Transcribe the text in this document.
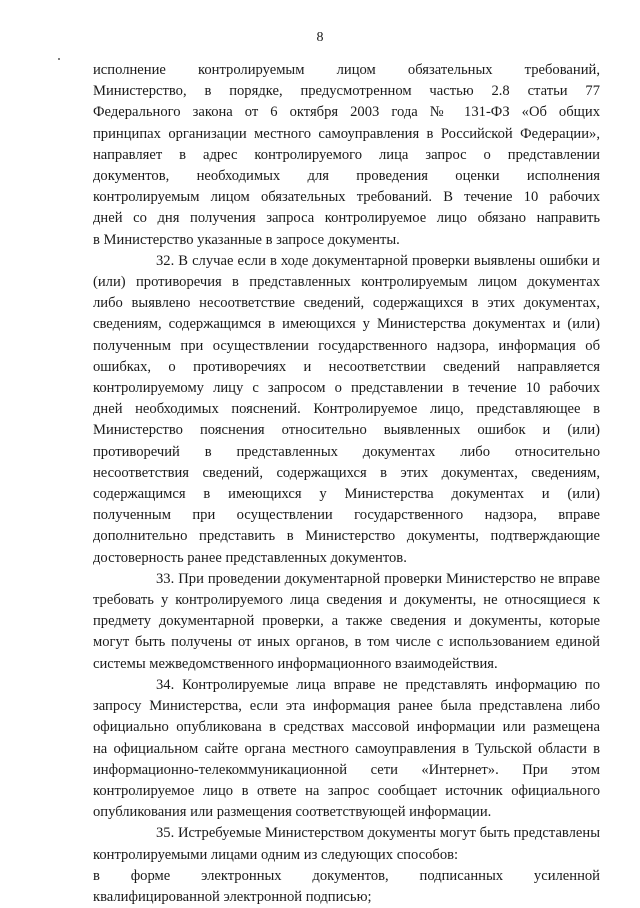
8
исполнение контролируемым лицом обязательных требований,
Министерство, в порядке, предусмотренном частью 2.8 статьи 77
Федерального закона от 6 октября 2003 года № 131-ФЗ «Об общих
принципах организации местного самоуправления в Российской Федерации»,
направляет в адрес контролируемого лица запрос о представлении
документов, необходимых для проведения оценки исполнения
контролируемым лицом обязательных требований. В течение 10 рабочих
дней со дня получения запроса контролируемое лицо обязано направить
в Министерство указанные в запросе документы.
32. В случае если в ходе документарной проверки выявлены ошибки и
(или) противоречия в представленных контролируемым лицом документах
либо выявлено несоответствие сведений, содержащихся в этих документах,
сведениям, содержащимся в имеющихся у Министерства документах и (или)
полученным при осуществлении государственного надзора, информация об
ошибках, о противоречиях и несоответствии сведений направляется
контролируемому лицу с запросом о представлении в течение 10 рабочих
дней необходимых пояснений. Контролируемое лицо, представляющее в
Министерство пояснения относительно выявленных ошибок и (или)
противоречий в представленных документах либо относительно
несоответствия сведений, содержащихся в этих документах, сведениям,
содержащимся в имеющихся у Министерства документах и (или)
полученным при осуществлении государственного надзора, вправе
дополнительно представить в Министерство документы, подтверждающие
достоверность ранее представленных документов.
33. При проведении документарной проверки Министерство не вправе
требовать у контролируемого лица сведения и документы, не относящиеся к
предмету документарной проверки, а также сведения и документы, которые
могут быть получены от иных органов, в том числе с использованием единой
системы межведомственного информационного взаимодействия.
34. Контролируемые лица вправе не представлять информацию по
запросу Министерства, если эта информация ранее была представлена либо
официально опубликована в средствах массовой информации или размещена
на официальном сайте органа местного самоуправления в Тульской области в
информационно-телекоммуникационной сети «Интернет». При этом
контролируемое лицо в ответе на запрос сообщает источник официального
опубликования или размещения соответствующей информации.
35. Истребуемые Министерством документы могут быть представлены
контролируемыми лицами одним из следующих способов:
в форме электронных документов, подписанных усиленной
квалифицированной электронной подписью;
